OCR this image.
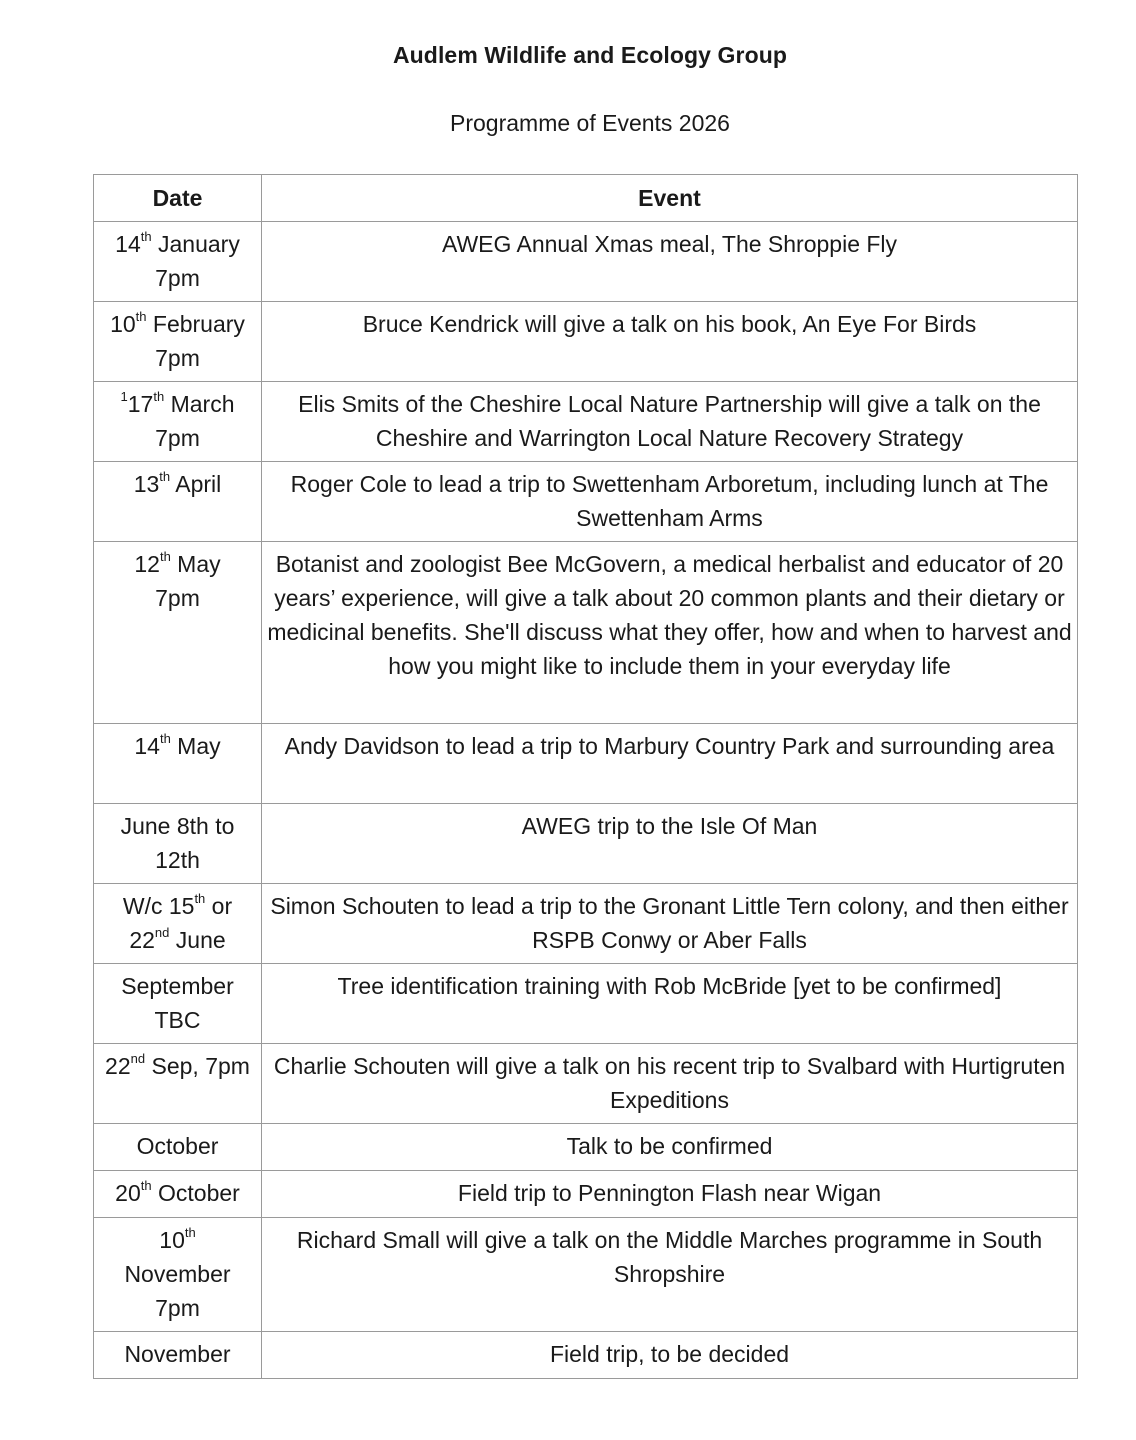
Audlem Wildlife and Ecology Group
Programme of Events 2026
Date	Event
14th January
7pm	AWEG Annual Xmas meal, The Shroppie Fly
10th February
7pm	Bruce Kendrick will give a talk on his book, An Eye For Birds
$^1$17th March
7pm	Elis Smits of the Cheshire Local Nature Partnership will give a talk on the Cheshire and Warrington Local Nature Recovery Strategy
13th April	Roger Cole to lead a trip to Swettenham Arboretum, including lunch at The Swettenham Arms
12th May
7pm	Botanist and zoologist Bee McGovern, a medical herbalist and educator of 20 years’ experience, will give a talk about 20 common plants and their dietary or medicinal benefits. She'll discuss what they offer, how and when to harvest and how you might like to include them in your everyday life
14th May	Andy Davidson to lead a trip to Marbury Country Park and surrounding area
June 8th to
12th	AWEG trip to the Isle Of Man
W/c 15th or
22nd June	Simon Schouten to lead a trip to the Gronant Little Tern colony, and then either RSPB Conwy or Aber Falls
September
TBC	Tree identification training with Rob McBride [yet to be confirmed]
22nd Sep, 7pm	Charlie Schouten will give a talk on his recent trip to Svalbard with Hurtigruten Expeditions
October	Talk to be confirmed
20th October	Field trip to Pennington Flash near Wigan
10th
November
7pm	Richard Small will give a talk on the Middle Marches programme in South Shropshire
November	Field trip, to be decided
